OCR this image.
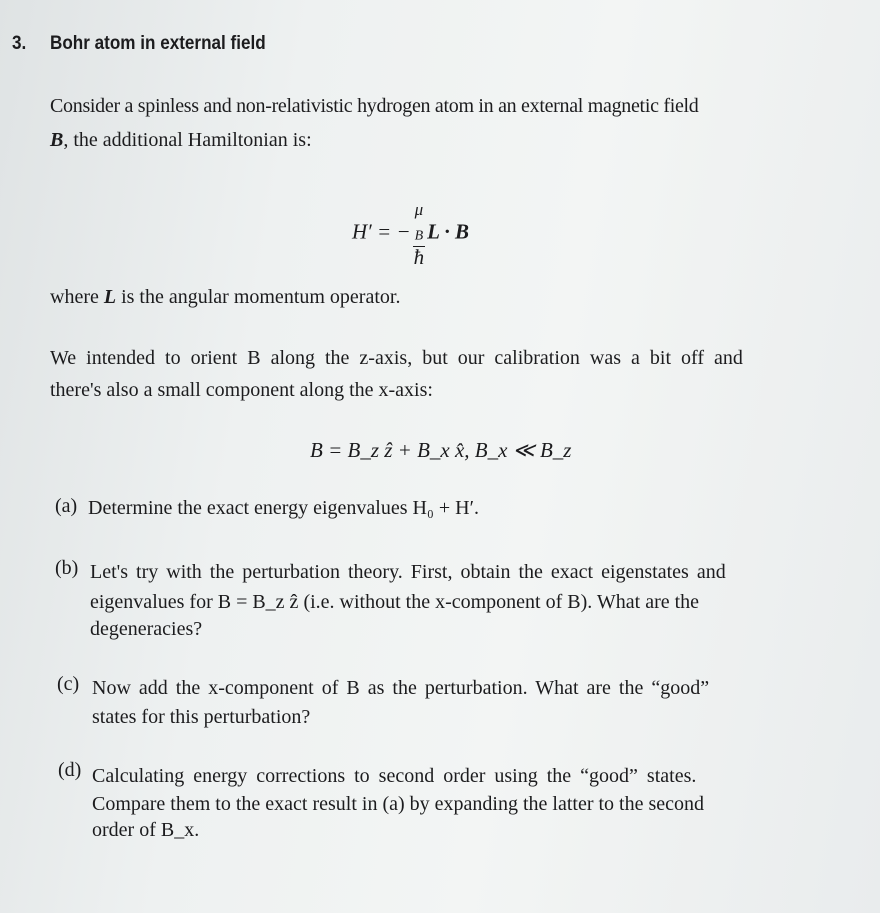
3. Bohr atom in external field
Consider a spinless and non-relativistic hydrogen atom in an external magnetic field
B, the additional Hamiltonian is:
H′ = − μ
$_B$
ħ L · B
where L is the angular momentum operator.
We intended to orient B along the z-axis, but our calibration was a bit off and
there's also a small component along the x-axis:
B = B_z ẑ + B_x x̂, B_x ≪ B_z
(a) Determine the exact energy eigenvalues H₀ + H′.
(b) Let's try with the perturbation theory. First, obtain the exact eigenstates and
eigenvalues for B = B_z ẑ (i.e. without the x-component of B). What are the
degeneracies?
(c) Now add the x-component of B as the perturbation. What are the “good”
states for this perturbation?
(d) Calculating energy corrections to second order using the “good” states.
Compare them to the exact result in (a) by expanding the latter to the second
order of B_x.
